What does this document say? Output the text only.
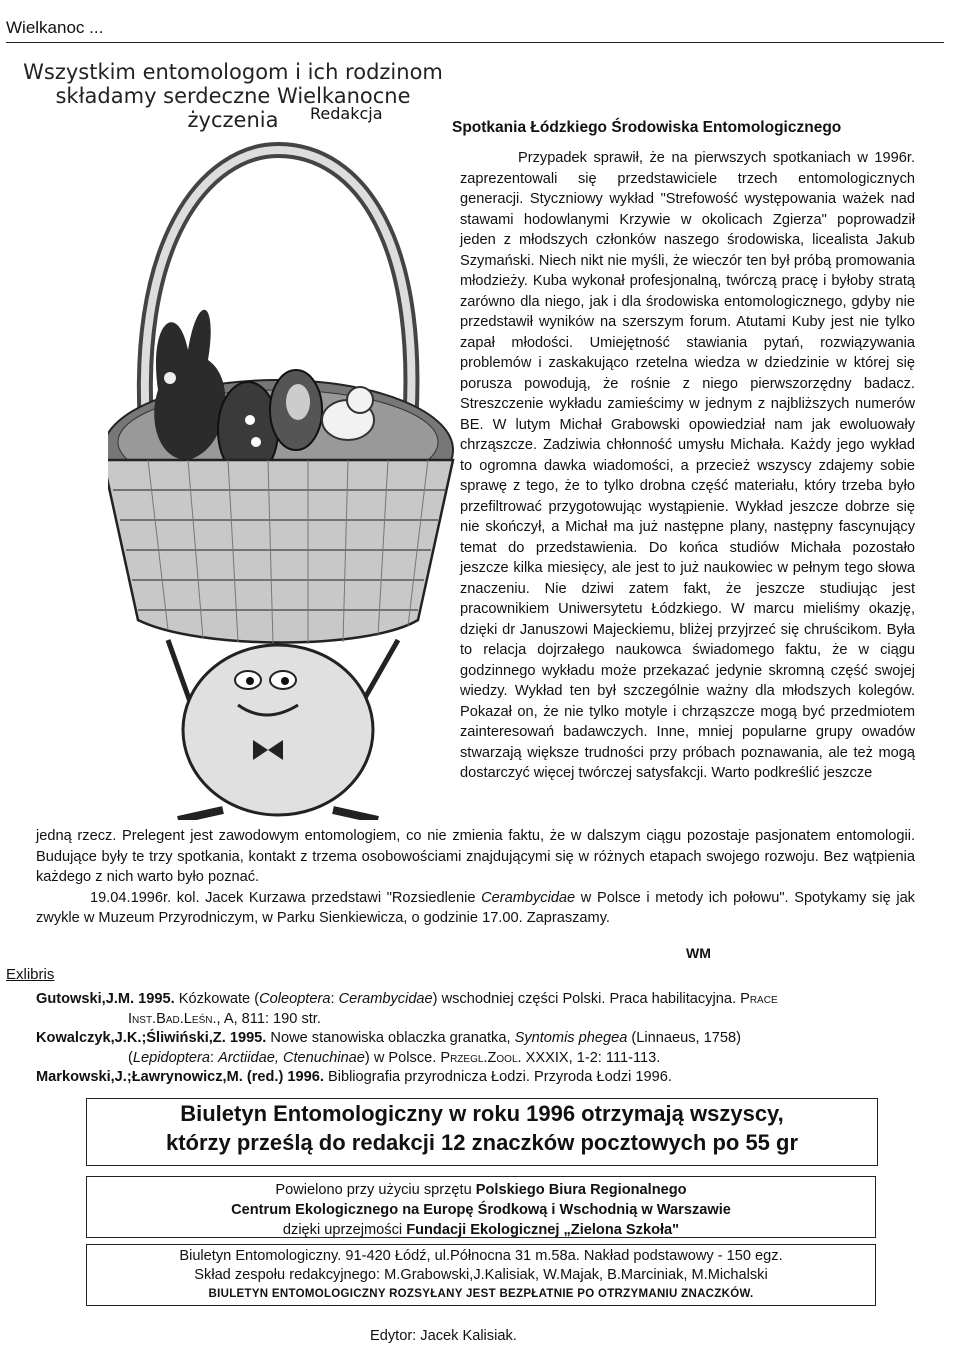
Wielkanoc ...
Wszystkim entomologom i ich rodzinom
składamy serdeczne Wielkanocne życzenia	Redakcja
Spotkania Łódzkiego Środowiska Entomologicznego

Przypadek sprawił, że na pierwszych spotkaniach w 1996r. zaprezentowali się przedstawiciele trzech entomologicznych generacji. Styczniowy wykład "Strefowość występowania ważek nad stawami hodowlanymi Krzywie w okolicach Zgierza" poprowadził jeden z młodszych członków naszego środowiska, licealista Jakub Szymański. Niech nikt nie myśli, że wieczór ten był próbą promowania młodzieży. Kuba wykonał profesjonalną, twórczą pracę i byłoby stratą zarówno dla niego, jak i dla środowiska entomologicznego, gdyby nie przedstawił wyników na szerszym forum. Atutami Kuby jest nie tylko zapał młodości. Umiejętność stawiania pytań, rozwiązywania problemów i zaskakująco rzetelna wiedza w dziedzinie w której się porusza powodują, że rośnie z niego pierwszorzędny badacz. Streszczenie wykładu zamieścimy w jednym z najbliższych numerów BE. W lutym Michał Grabowski opowiedział nam jak ewoluowały chrząszcze. Zadziwia chłonność umysłu Michała. Każdy jego wykład to ogromna dawka wiadomości, a przecież wszyscy zdajemy sobie sprawę z tego, że to tylko drobna część materiału, który trzeba było przefiltrować przygotowując wystąpienie. Wykład jeszcze dobrze się nie skończył, a Michał ma już następne plany, następny fascynujący temat do przedstawienia. Do końca studiów Michała pozostało jeszcze kilka miesięcy, ale jest to już naukowiec w pełnym tego słowa znaczeniu. Nie dziwi zatem fakt, że jeszcze studiując jest pracownikiem Uniwersytetu Łódzkiego. W marcu mieliśmy okazję, dzięki dr Januszowi Majeckiemu, bliżej przyjrzeć się chruścikom. Była to relacja dojrzałego naukowca świadomego faktu, że w ciągu godzinnego wykładu może przekazać jedynie skromną część swojej wiedzy. Wykład ten był szczególnie ważny dla młodszych kolegów. Pokazał on, że nie tylko motyle i chrząszcze mogą być przedmiotem zainteresowań badawczych. Inne, mniej popularne grupy owadów stwarzają większe trudności przy próbach poznawania, ale też mogą dostarczyć więcej twórczej satysfakcji. Warto podkreślić jeszcze

jedną rzecz. Prelegent jest zawodowym entomologiem, co nie zmienia faktu, że w dalszym ciągu pozostaje pasjonatem entomologii. Budujące były te trzy spotkania, kontakt z trzema osobowościami znajdującymi się w różnych etapach swojego rozwoju. Bez wątpienia każdego z nich warto było poznać.

19.04.1996r. kol. Jacek Kurzawa przedstawi "Rozsiedlenie Cerambycidae w Polsce i metody ich połowu". Spotykamy się jak zwykle w Muzeum Przyrodniczym, w Parku Sienkiewicza, o godzinie 17.00. Zapraszamy.

WM
Exlibris
Gutowski,J.M. 1995. Kózkowate (Coleoptera: Cerambycidae) wschodniej części Polski. Praca habilitacyjna. Prace
Inst.Bad.Leśn., A, 811: 190 str.
Kowalczyk,J.K.;Śliwiński,Z. 1995. Nowe stanowiska oblaczka granatka, Syntomis phegea (Linnaeus, 1758)
(Lepidoptera: Arctiidae, Ctenuchinae) w Polsce. Przegl.Zool. XXXIX, 1-2: 111-113.
Markowski,J.;Ławrynowicz,M. (red.) 1996. Bibliografia przyrodnicza Łodzi. Przyroda Łodzi 1996.
Biuletyn Entomologiczny w roku 1996 otrzymają wszyscy,
którzy prześlą do redakcji 12 znaczków pocztowych po 55 gr
Powielono przy użyciu sprzętu Polskiego Biura Regionalnego
Centrum Ekologicznego na Europę Środkową i Wschodnią w Warszawie
dzięki uprzejmości Fundacji Ekologicznej „Zielona Szkoła"
Biuletyn Entomologiczny. 91-420 Łódź, ul.Północna 31 m.58a. Nakład podstawowy - 150 egz.
Skład zespołu redakcyjnego: M.Grabowski,J.Kalisiak, W.Majak, B.Marciniak, M.Michalski
BIULETYN ENTOMOLOGICZNY ROZSYŁANY JEST BEZPŁATNIE PO OTRZYMANIU ZNACZKÓW.
Edytor: Jacek Kalisiak.
